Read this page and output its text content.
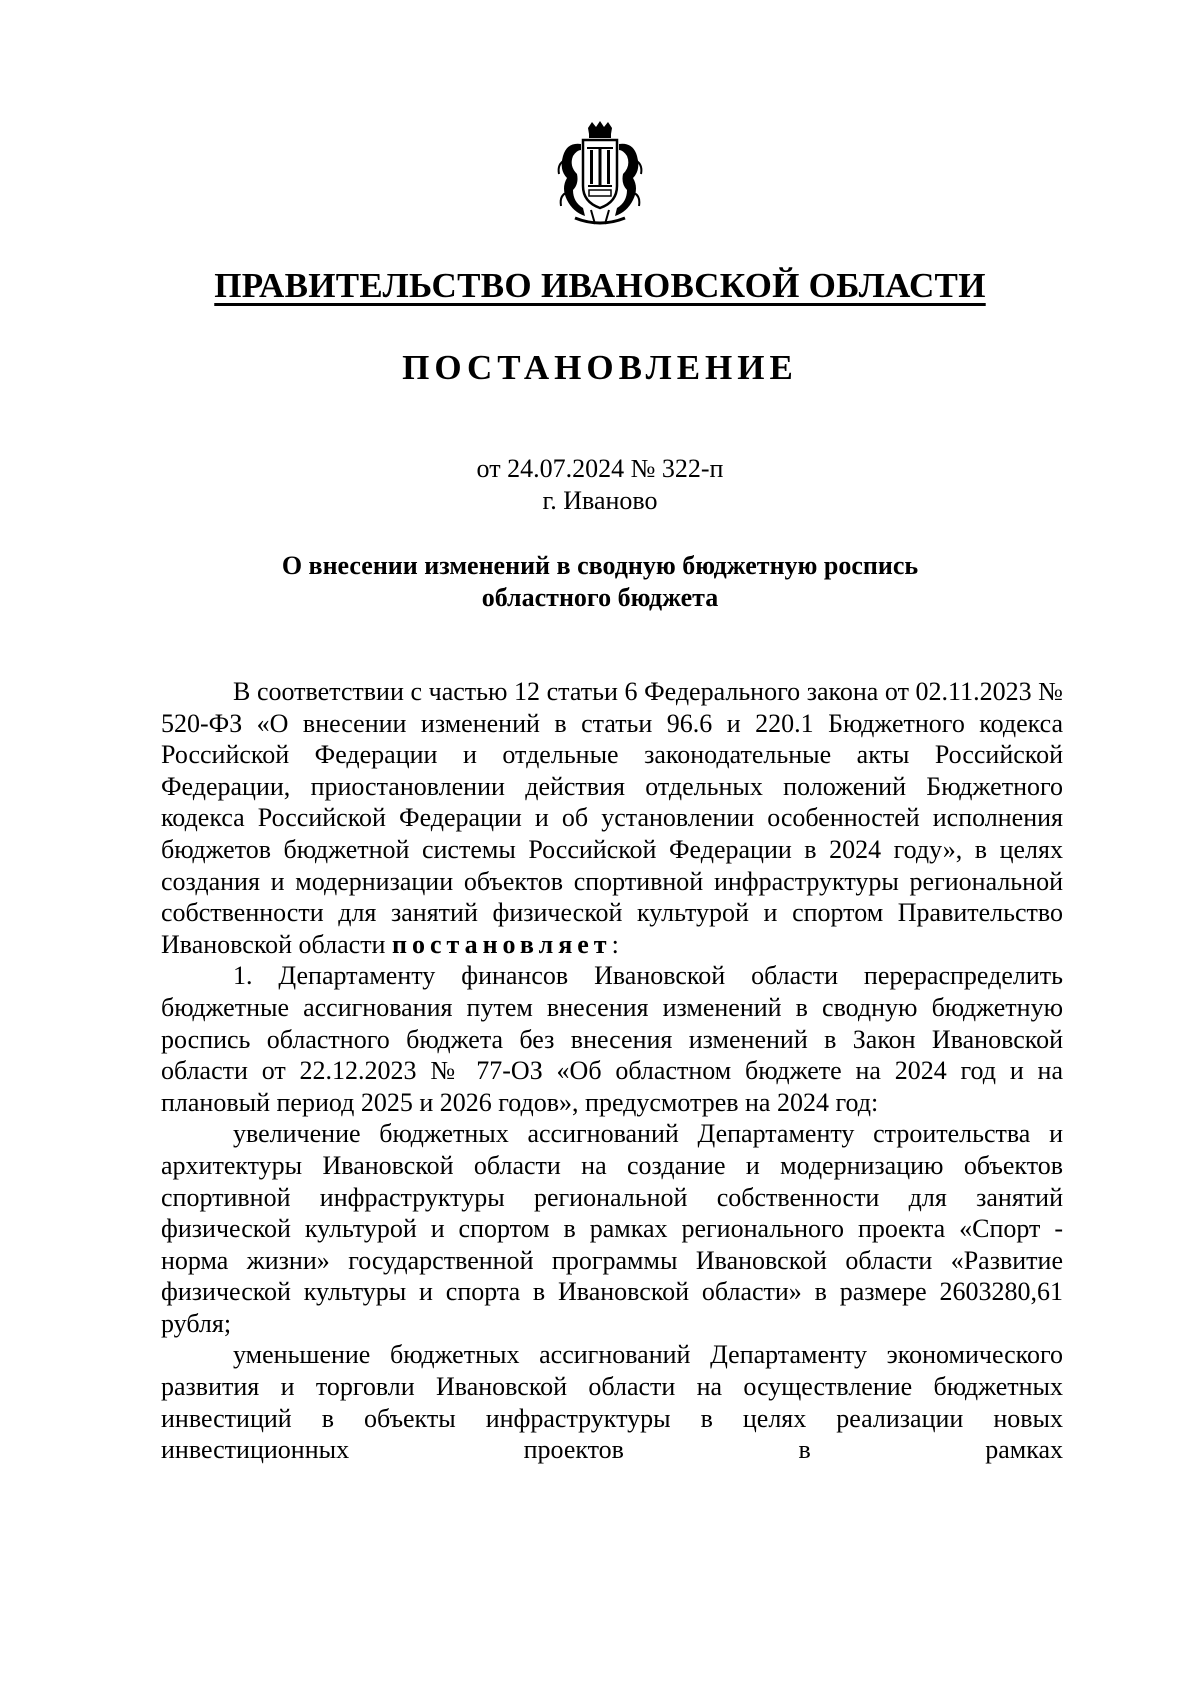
ПРАВИТЕЛЬСТВО ИВАНОВСКОЙ ОБЛАСТИ
ПОСТАНОВЛЕНИЕ
от 24.07.2024 № 322-п
г. Иваново
О внесении изменений в сводную бюджетную роспись
областного бюджета

В соответствии с частью 12 статьи 6 Федерального закона от 02.11.2023 № 520-ФЗ «О внесении изменений в статьи 96.6 и 220.1 Бюджетного кодекса Российской Федерации и отдельные законодательные акты Российской Федерации, приостановлении действия отдельных положений Бюджетного кодекса Российской Федерации и об установлении особенностей исполнения бюджетов бюджетной системы Российской Федерации в 2024 году», в целях создания и модернизации объектов спортивной инфраструктуры региональной собственности для занятий физической культурой и спортом Правительство Ивановской области постановляет:

1. Департаменту финансов Ивановской области перераспределить бюджетные ассигнования путем внесения изменений в сводную бюджетную роспись областного бюджета без внесения изменений в Закон Ивановской области от 22.12.2023 № 77-ОЗ «Об областном бюджете на 2024 год и на плановый период 2025 и 2026 годов», предусмотрев на 2024 год:

увеличение бюджетных ассигнований Департаменту строительства и архитектуры Ивановской области на создание и модернизацию объектов спортивной инфраструктуры региональной собственности для занятий физической культурой и спортом в рамках регионального проекта «Спорт - норма жизни» государственной программы Ивановской области «Развитие физической культуры и спорта в Ивановской области» в размере 2603280,61 рубля;

уменьшение бюджетных ассигнований Департаменту экономического развития и торговли Ивановской области на осуществление бюджетных инвестиций в объекты инфраструктуры в целях реализации новых инвестиционных проектов в рамках
